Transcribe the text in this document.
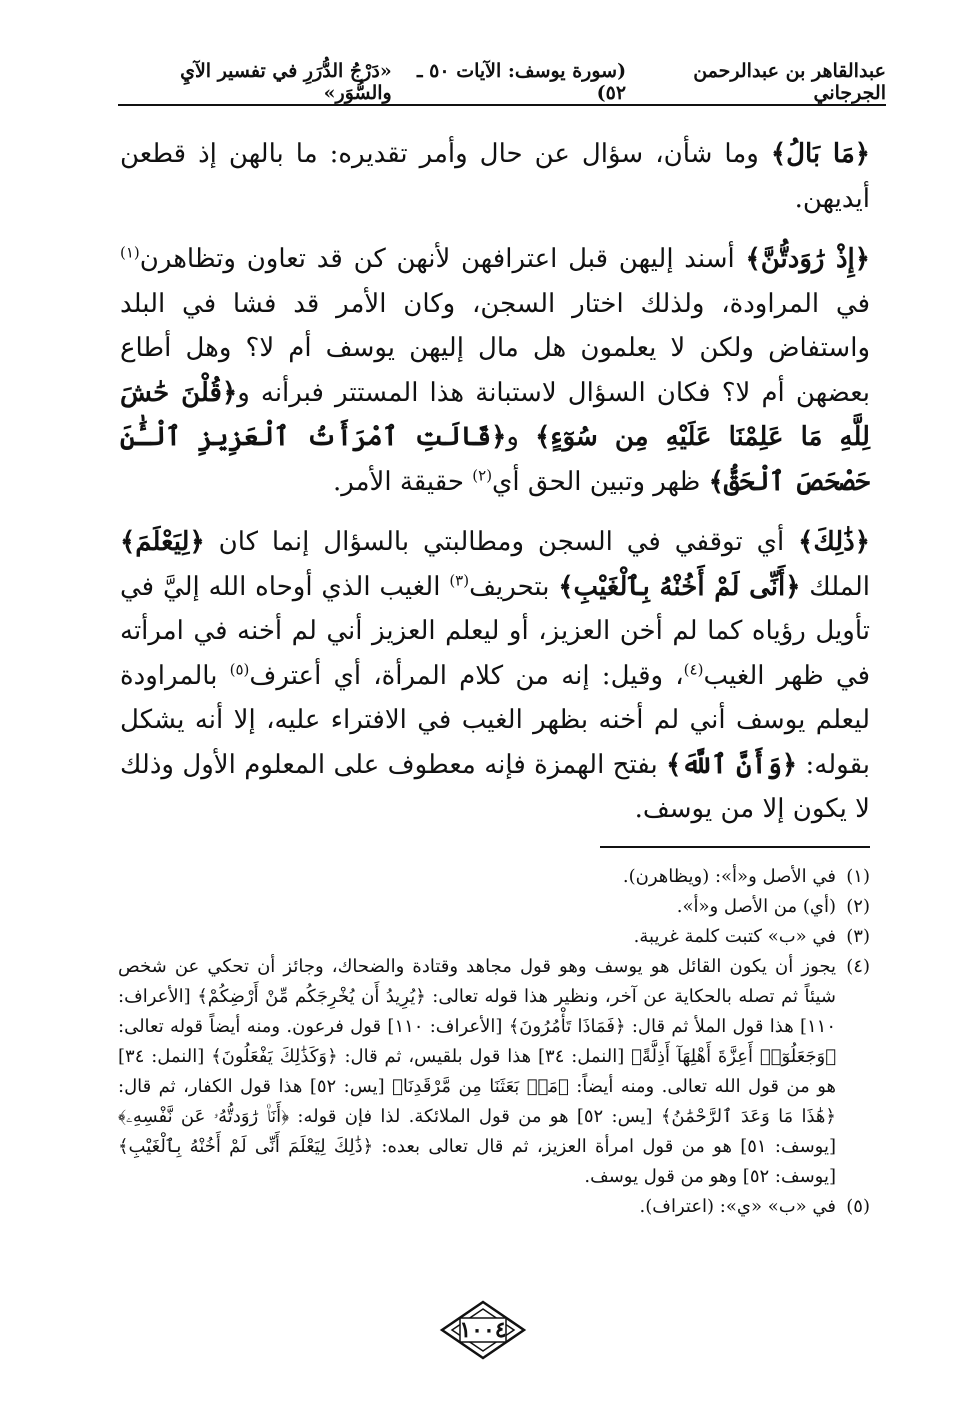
عبدالقاهر بن عبدالرحمن الجرجاني
(سورة يوسف: الآيات ٥٠ ـ ٥٢)
«دَرْجُ الدُّرَرِ في تفسير الآيِ والسُّوَر»

﴿مَا بَالُ﴾ وما شأن، سؤال عن حال وأمر تقديره: ما بالهن إذ قطعن أيديهن.

﴿إِذْ رَٰوَدتُّنَّ﴾ أسند إليهن قبل اعترافهن لأنهن كن قد تعاون وتظاهرن$^{(١)}$ في المراودة، ولذلك اختار السجن، وكان الأمر قد فشا في البلد واستفاض ولكن لا يعلمون هل مال إليهن يوسف أم لا؟ وهل أطاع بعضهن أم لا؟ فكان السؤال لاستبانة هذا المستتر فبرأنه و﴿قُلْنَ حَٰشَ لِلَّهِ مَا عَلِمْنَا عَلَيْهِ مِن سُوٓءٍ﴾ و﴿قَالَتِ ٱمْرَأَتُ ٱلْعَزِيزِ ٱلْـَٰٔنَ حَصْحَصَ ٱلْحَقُّ﴾ ظهر وتبين الحق أي$^{(٢)}$ حقيقة الأمر.

﴿ذَٰلِكَ﴾ أي توقفي في السجن ومطالبتي بالسؤال إنما كان ﴿لِيَعْلَمَ﴾ الملك ﴿أَنِّى لَمْ أَخُنْهُ بِٱلْغَيْبِ﴾ بتحريف$^{(٣)}$ الغيب الذي أوحاه الله إليَّ في تأويل رؤياه كما لم أخن العزيز، أو ليعلم العزيز أني لم أخنه في امرأته في ظهر الغيب$^{(٤)}$، وقيل: إنه من كلام المرأة، أي أعترف$^{(٥)}$ بالمراودة ليعلم يوسف أني لم أخنه بظهر الغيب في الافتراء عليه، إلا أنه يشكل بقوله: ﴿وَأَنَّ ٱللَّهَ﴾ بفتح الهمزة فإنه معطوف على المعلوم الأول وذلك لا يكون إلا من يوسف.

(١)
في الأصل و«أ»: (ويظاهرن).
(٢)
(أي) من الأصل و«أ».
(٣)
في «ب» كتبت كلمة غريبة.
(٤)
يجوز أن يكون القائل هو يوسف وهو قول مجاهد وقتادة والضحاك، وجائز أن تحكي عن شخص شيئاً ثم تصله بالحكاية عن آخر، ونظير هذا قوله تعالى: ﴿يُرِيدُ أَن يُخْرِجَكُم مِّنْ أَرْضِكُمْ﴾ [الأعراف: ١١٠] هذا قول الملأ ثم قال: ﴿فَمَاذَا تَأْمُرُونَ﴾ [الأعراف: ١١٠] قول فرعون. ومنه أيضاً قوله تعالى: ﴿وَجَعَلُوٓا۟ أَعِزَّةَ أَهْلِهَآ أَذِلَّةً﴾ [النمل: ٣٤] هذا قول بلقيس، ثم قال: ﴿وَكَذَٰلِكَ يَفْعَلُونَ﴾ [النمل: ٣٤] هو من قول الله تعالى. ومنه أيضاً: ﴿مَنۢ بَعَثَنَا مِن مَّرْقَدِنَا﴾ [يس: ٥٢] هذا قول الكفار، ثم قال: ﴿هَٰذَا مَا وَعَدَ ٱلرَّحْمَٰنُ﴾ [يس: ٥٢] هو من قول الملائكة. لذا فإن قوله: ﴿أَنَا۠ رَٰوَدتُّهُۥ عَن نَّفْسِهِۦ﴾ [يوسف: ٥١] هو من قول امرأة العزيز، ثم قال تعالى بعده: ﴿ذَٰلِكَ لِيَعْلَمَ أَنِّى لَمْ أَخُنْهُ بِٱلْغَيْبِ﴾ [يوسف: ٥٢] وهو من قول يوسف.
(٥)
في «ب» «ي»: (اعتراف).
١٠٠٤
